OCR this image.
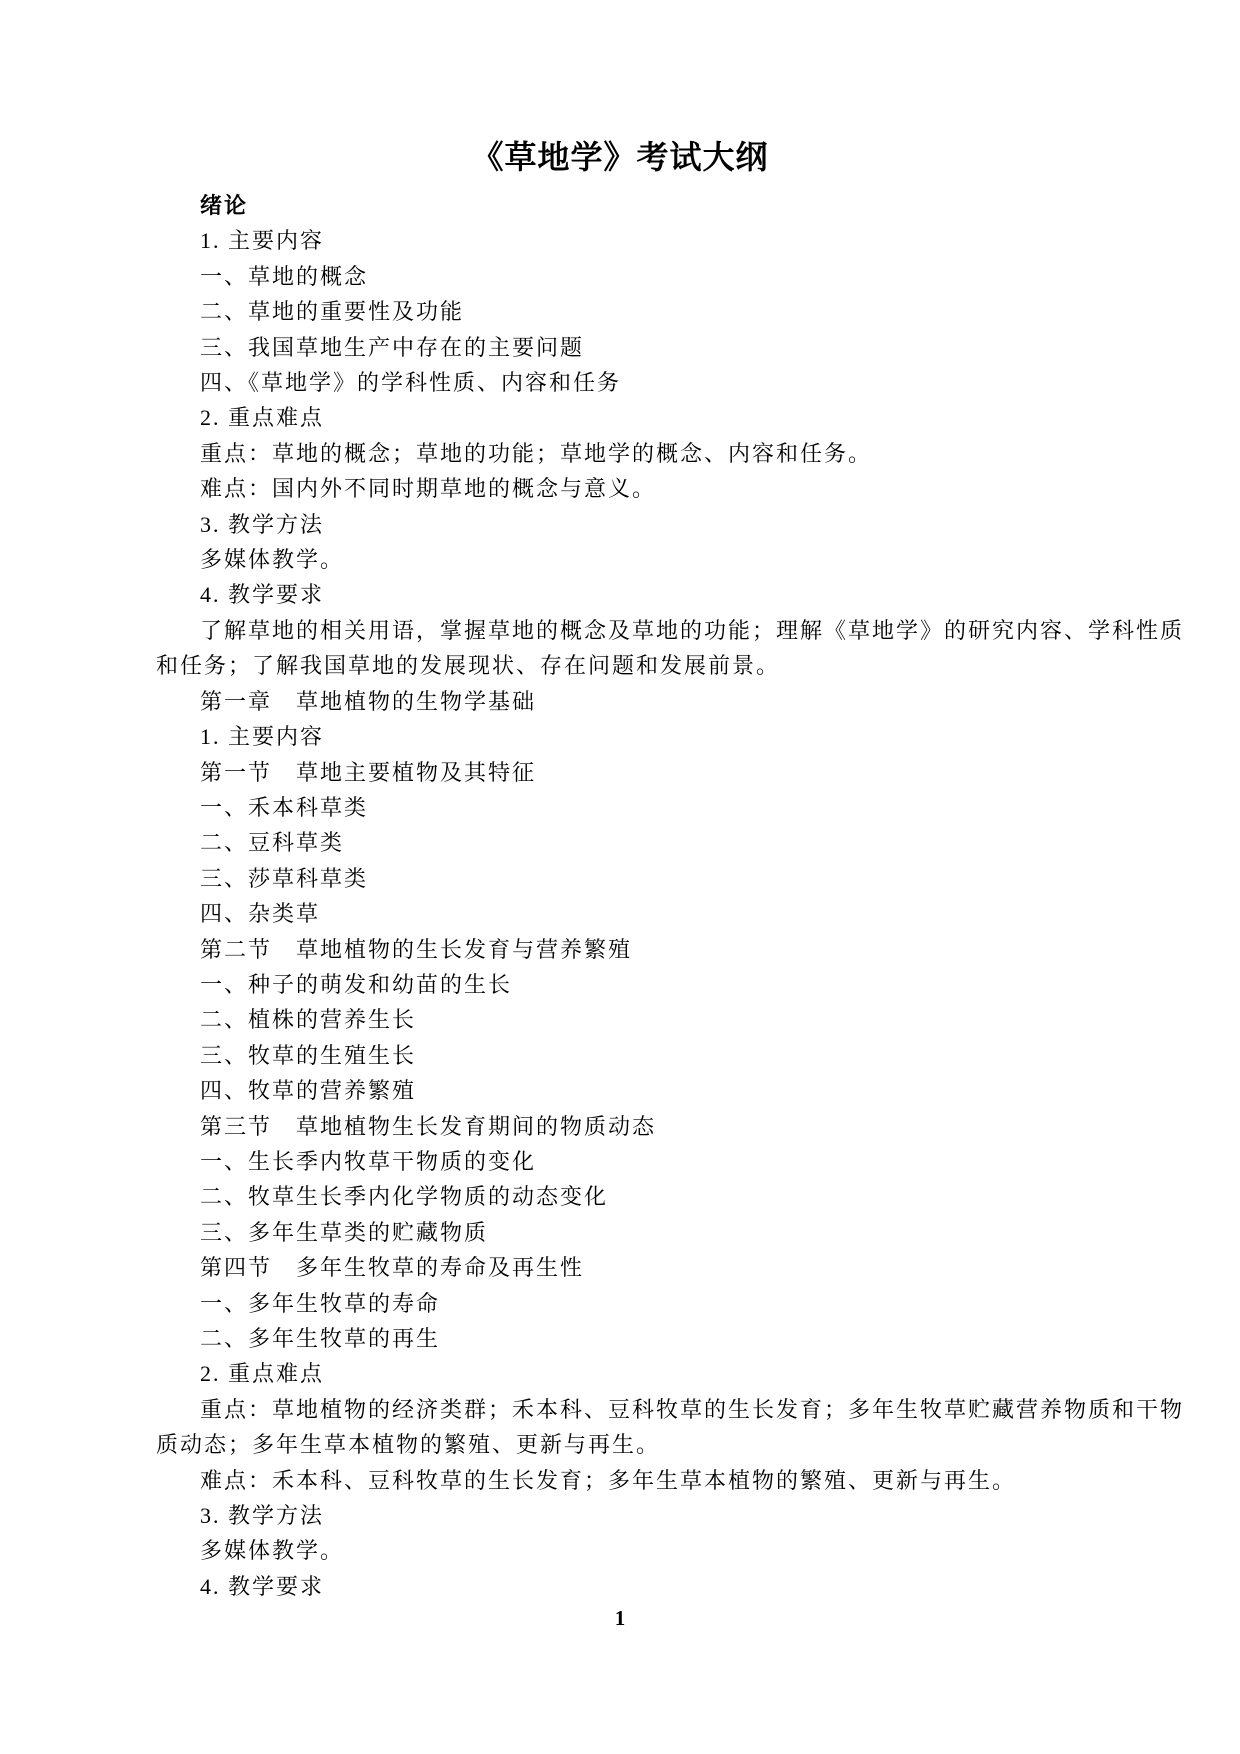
《草地学》考试大纲

绪论

1. 主要内容

一、草地的概念

二、草地的重要性及功能

三、我国草地生产中存在的主要问题

四、《草地学》的学科性质、内容和任务

2. 重点难点

重点：草地的概念；草地的功能；草地学的概念、内容和任务。

难点：国内外不同时期草地的概念与意义。

3. 教学方法

多媒体教学。

4. 教学要求

了解草地的相关用语，掌握草地的概念及草地的功能；理解《草地学》的研究内容、学科性质

和任务；了解我国草地的发展现状、存在问题和发展前景。

第一章　草地植物的生物学基础

1. 主要内容

第一节　草地主要植物及其特征

一、禾本科草类

二、豆科草类

三、莎草科草类

四、杂类草

第二节　草地植物的生长发育与营养繁殖

一、种子的萌发和幼苗的生长

二、植株的营养生长

三、牧草的生殖生长

四、牧草的营养繁殖

第三节　草地植物生长发育期间的物质动态

一、生长季内牧草干物质的变化

二、牧草生长季内化学物质的动态变化

三、多年生草类的贮藏物质

第四节　多年生牧草的寿命及再生性

一、多年生牧草的寿命

二、多年生牧草的再生

2. 重点难点

重点：草地植物的经济类群；禾本科、豆科牧草的生长发育；多年生牧草贮藏营养物质和干物

质动态；多年生草本植物的繁殖、更新与再生。

难点：禾本科、豆科牧草的生长发育；多年生草本植物的繁殖、更新与再生。

3. 教学方法

多媒体教学。

4. 教学要求

1
